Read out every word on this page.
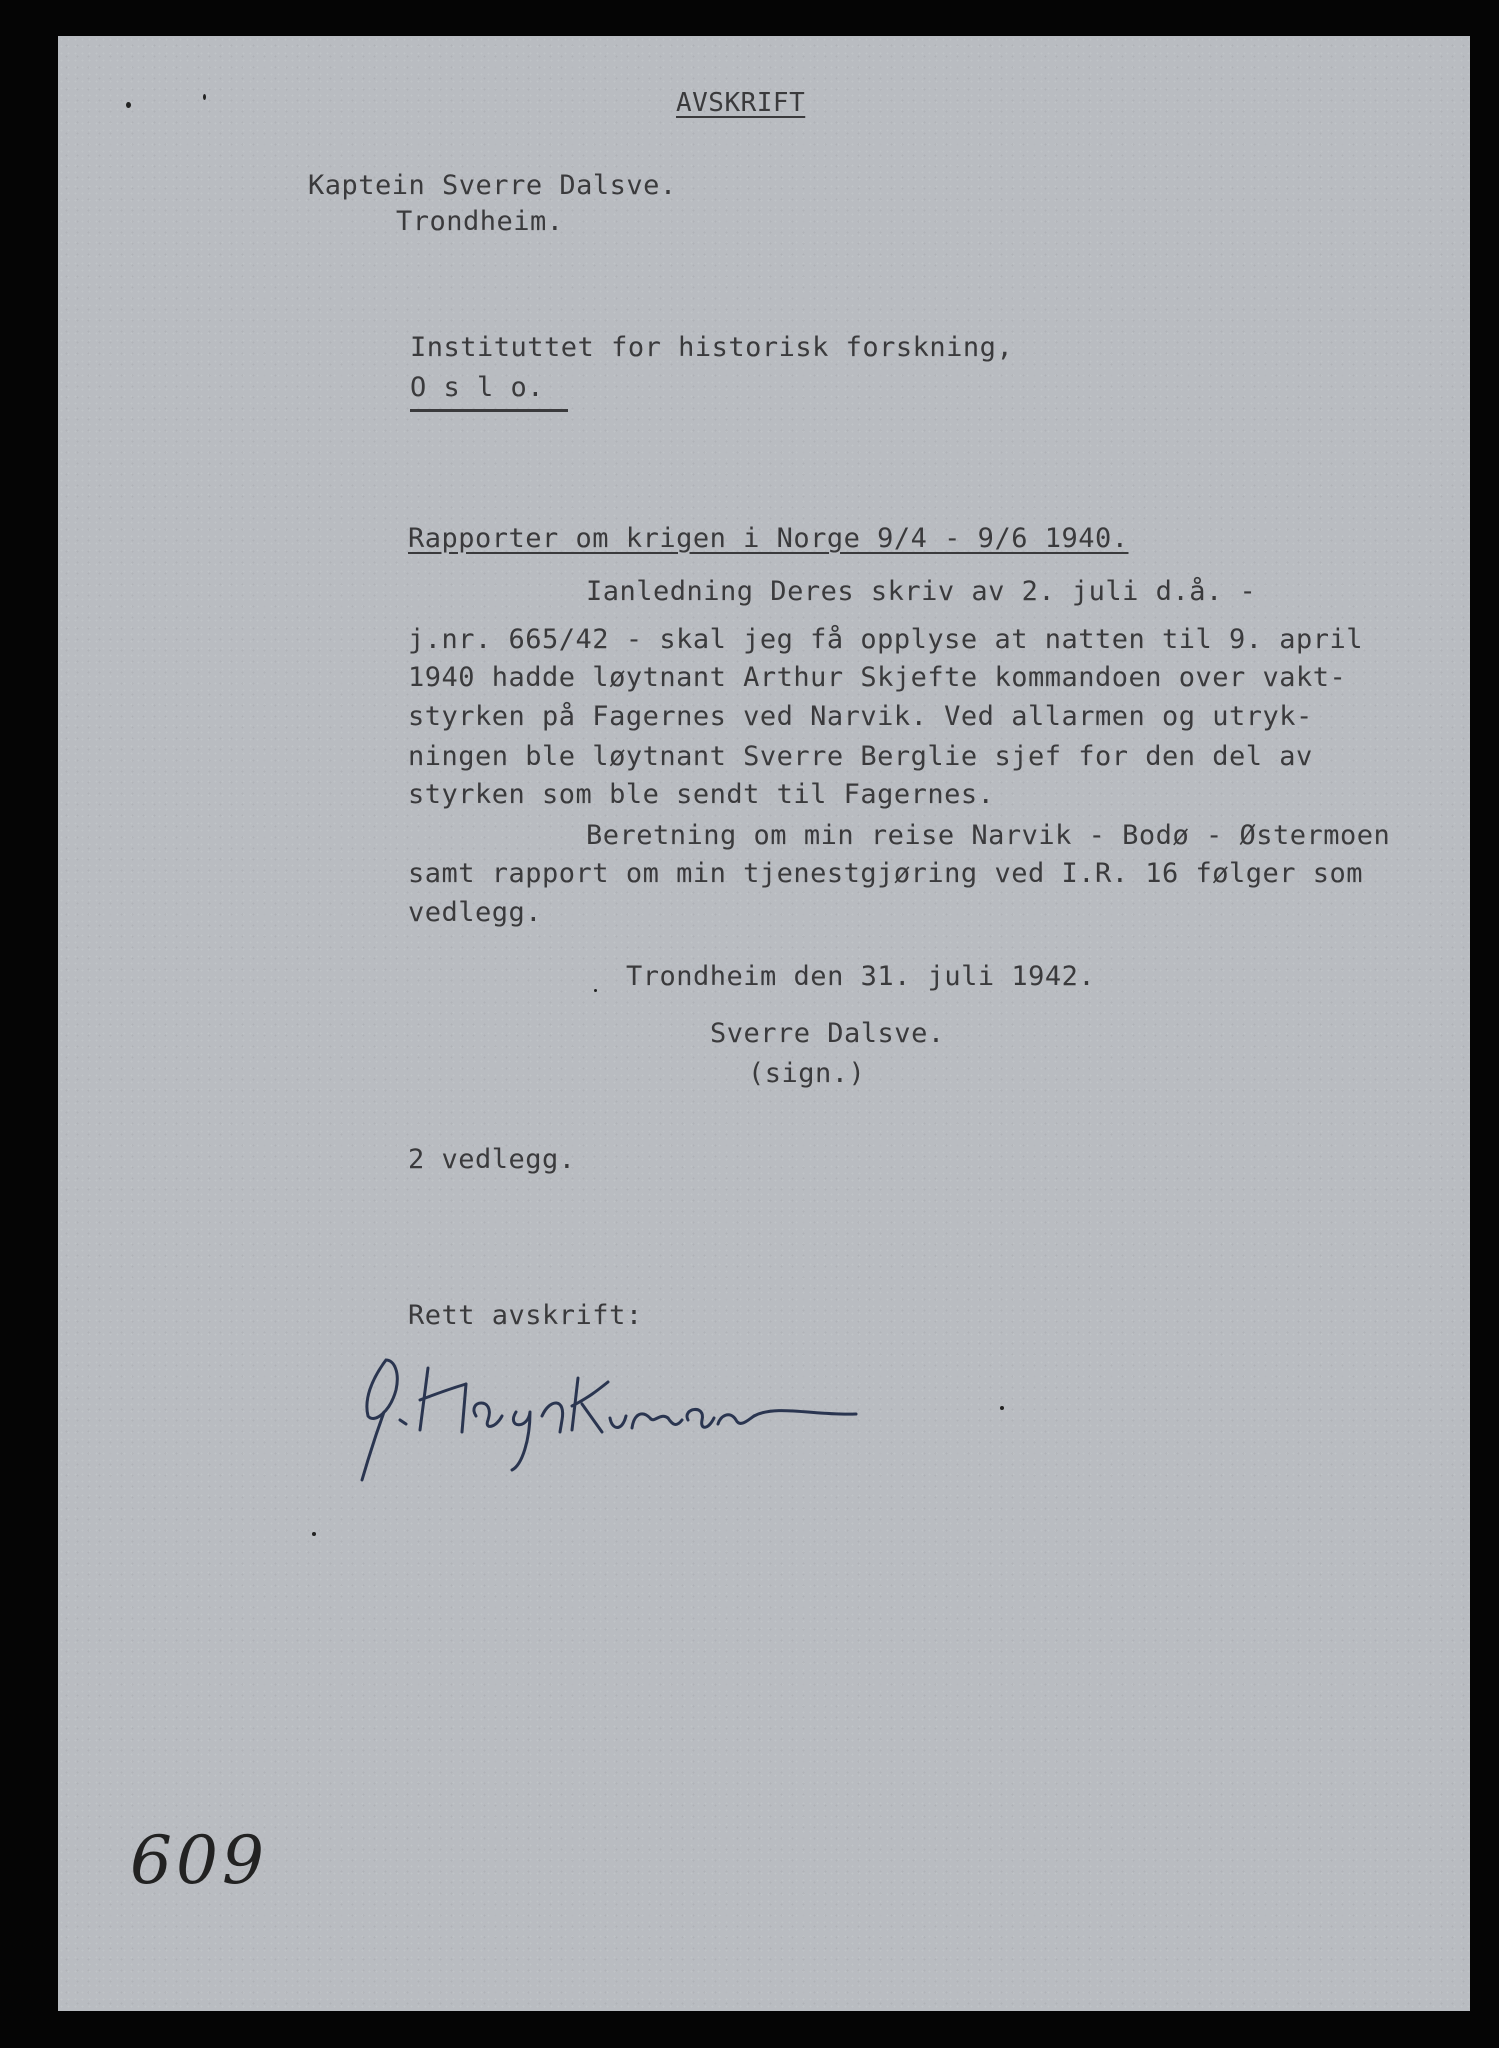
AVSKRIFT
Kaptein Sverre Dalsve.
Trondheim.
Instituttet for historisk forskning,
O s l o.
Rapporter om krigen i Norge 9/4 - 9/6 1940.
Ianledning Deres skriv av 2. juli d.å. -
j.nr. 665/42 - skal jeg få opplyse at natten til 9. april
1940 hadde løytnant Arthur Skjefte kommandoen over vakt-
styrken på Fagernes ved Narvik. Ved allarmen og utryk-
ningen ble løytnant Sverre Berglie sjef for den del av
styrken som ble sendt til Fagernes.
Beretning om min reise Narvik - Bodø - Østermoen
samt rapport om min tjenestgjøring ved I.R. 16 følger som
vedlegg.
Trondheim den 31. juli 1942.
Sverre Dalsve.
(sign.)
2 vedlegg.
Rett avskrift:
609
